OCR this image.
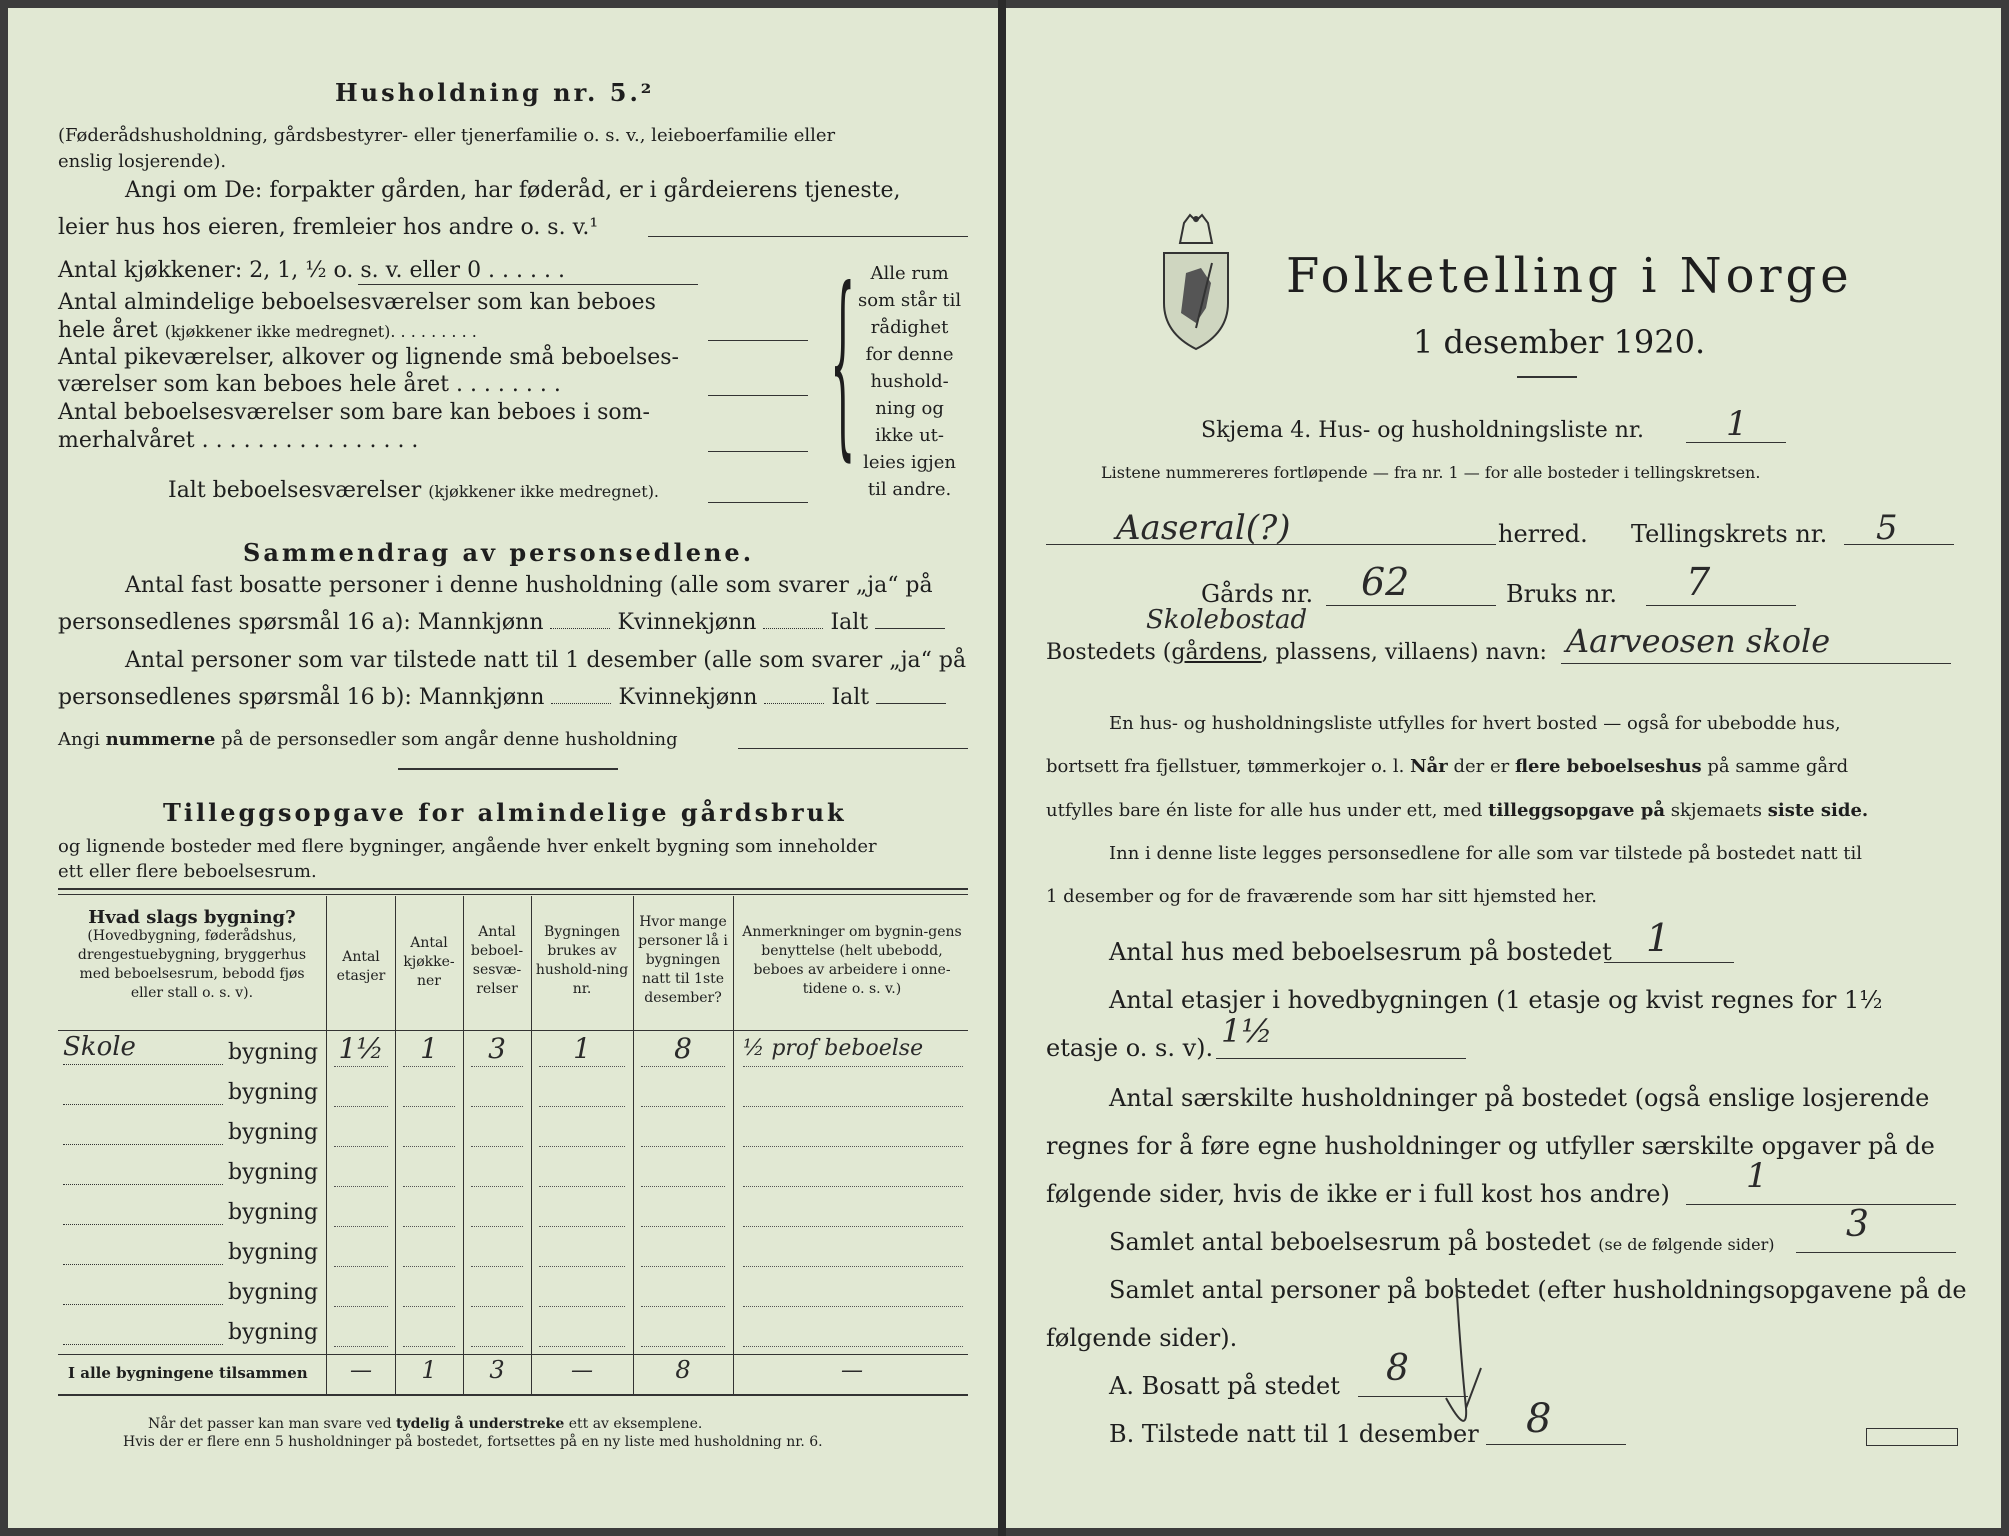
Husholdning nr. 5.²
(Føderådshusholdning, gårdsbestyrer- eller tjenerfamilie o. s. v., leieboerfamilie eller
enslig losjerende).
Angi om De: forpakter gården, har føderåd, er i gårdeierens tjeneste,
leier hus hos eieren, fremleier hos andre o. s. v.¹
Antal kjøkkener: 2, 1, ½ o. s. v. eller 0 . . . . . .
Antal almindelige beboelsesværelser som kan beboes
hele året (kjøkkener ikke medregnet). . . . . . . . .
Antal pikeværelser, alkover og lignende små beboelses-
værelser som kan beboes hele året . . . . . . . .
Antal beboelsesværelser som bare kan beboes i som-
merhalvåret . . . . . . . . . . . . . . . .
Ialt beboelsesværelser (kjøkkener ikke medregnet).
{ Alle rum
som står til
rådighet
for denne
hushold-
ning og
ikke ut-
leies igjen
til andre.
Sammendrag av personsedlene.
Antal fast bosatte personer i denne husholdning (alle som svarer „ja“ på
personsedlenes spørsmål 16 a): Mannkjønn	Kvinnekjønn	Ialt
Antal personer som var tilstede natt til 1 desember (alle som svarer „ja“ på
personsedlenes spørsmål 16 b): Mannkjønn	Kvinnekjønn	Ialt
Angi nummerne på de personsedler som angår denne husholdning
Tilleggsopgave for almindelige gårdsbruk
og lignende bosteder med flere bygninger, angående hver enkelt bygning som inneholder
ett eller flere beboelsesrum.
Hvad slags bygning?
(Hovedbygning, føderådshus, drengestuebygning, bryggerhus med beboelsesrum, bebodd fjøs eller stall o. s. v).
Antal etasjer
Antal kjøkke-ner
Antal beboel-sesvæ-relser
Bygningen brukes av hushold-ning nr.
Hvor mange personer lå i bygningen natt til 1ste desember?
Anmerkninger om bygnin-gens benyttelse (helt ubebodd, beboes av arbeidere i onne-tidene o. s. v.)
Skole	bygning 1½	1	3	1	8	½ prof beboelse
bygning
bygning
bygning
bygning
bygning
bygning
bygning
I alle bygningene tilsammen	—	1	3	—	8	—
Når det passer kan man svare ved tydelig å understreke ett av eksemplene.
Hvis der er flere enn 5 husholdninger på bostedet, fortsettes på en ny liste med husholdning nr. 6.
Folketelling i Norge
1 desember 1920.
Skjema 4. Hus- og husholdningsliste nr. 1
Listene nummereres fortløpende — fra nr. 1 — for alle bosteder i tellingskretsen.
Aaseral(?)	herred. Tellingskrets nr. 5
Gårds nr. 62	Bruks nr. 7
Skolebostad
Bostedets (gårdens, plassens, villaens) navn: Aarveosen skole
En hus- og husholdningsliste utfylles for hvert bosted — også for ubebodde hus,
bortsett fra fjellstuer, tømmerkojer o. l. Når der er flere beboelseshus på samme gård
utfylles bare én liste for alle hus under ett, med tilleggsopgave på skjemaets siste side.
Inn i denne liste legges personsedlene for alle som var tilstede på bostedet natt til
1 desember og for de fraværende som har sitt hjemsted her.
Antal hus med beboelsesrum på bostedet 1
Antal etasjer i hovedbygningen (1 etasje og kvist regnes for 1½
etasje o. s. v). 1½
Antal særskilte husholdninger på bostedet (også enslige losjerende
regnes for å føre egne husholdninger og utfyller særskilte opgaver på de
følgende sider, hvis de ikke er i full kost hos andre) 1
Samlet antal beboelsesrum på bostedet (se de følgende sider) 3
Samlet antal personer på bostedet (efter husholdningsopgavene på de
følgende sider).
A. Bosatt på stedet 8
B. Tilstede natt til 1 desember 8
